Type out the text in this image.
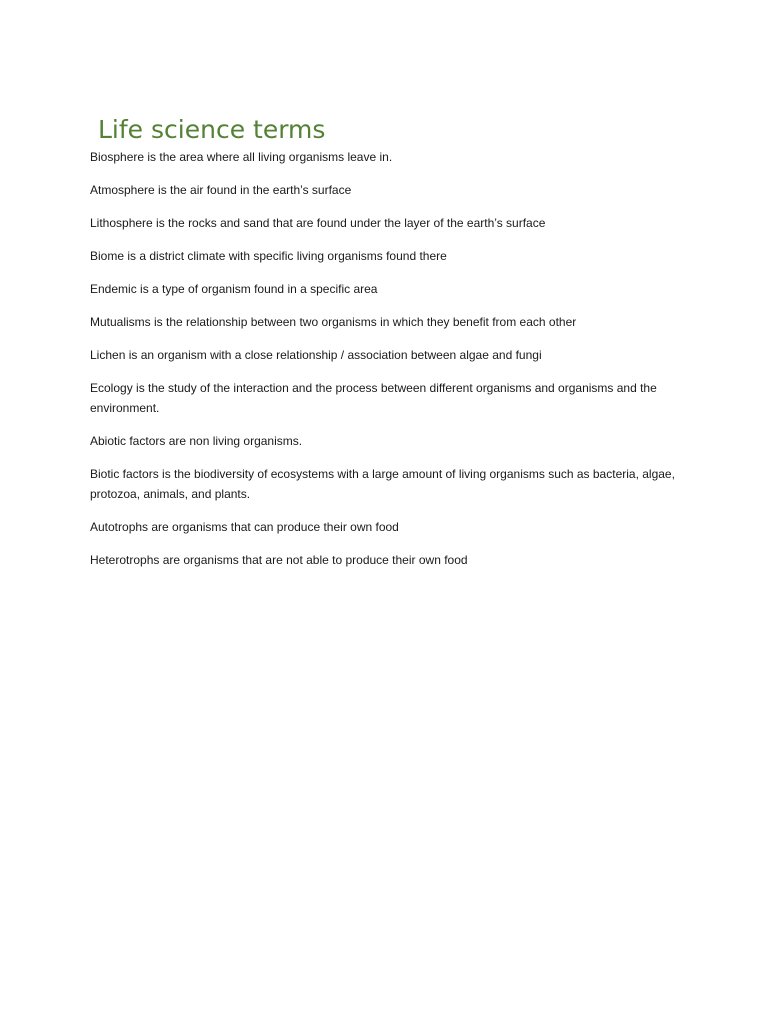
Life science terms

Biosphere is the area where all living organisms leave in.

Atmosphere is the air found in the earth’s surface

Lithosphere is the rocks and sand that are found under the layer of the earth’s surface

Biome is a district climate with specific living organisms found there

Endemic is a type of organism found in a specific area

Mutualisms is the relationship between two organisms in which they benefit from each other

Lichen is an organism with a close relationship / association between algae and fungi

Ecology is the study of the interaction and the process between different organisms and organisms and the environment.

Abiotic factors are non living organisms.

Biotic factors is the biodiversity of ecosystems with a large amount of living organisms such as bacteria, algae, protozoa, animals, and plants.

Autotrophs are organisms that can produce their own food

Heterotrophs are organisms that are not able to produce their own food
